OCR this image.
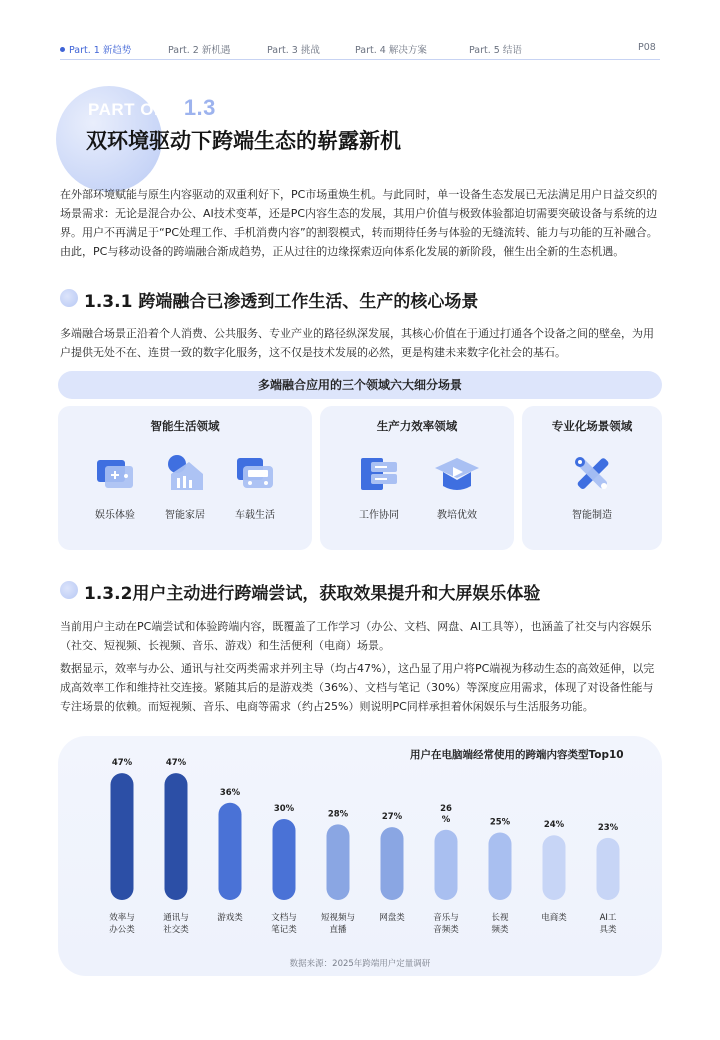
Part. 1 新趋势	Part. 2 新机遇	Part. 3 挑战	Part. 4 解决方案	Part. 5 结语	P08
PART ONE 1.3
双环境驱动下跨端生态的崭露新机
在外部环境赋能与原生内容驱动的双重利好下，PC市场重焕生机。与此同时，单一设备生态发展已无法满足用户日益交织的场景需求：无论是混合办公、AI技术变革，还是PC内容生态的发展，其用户价值与极致体验都迫切需要突破设备与系统的边界。用户不再满足于“PC处理工作、手机消费内容”的割裂模式，转而期待任务与体验的无缝流转、能力与功能的互补融合。由此，PC与移动设备的跨端融合渐成趋势，正从过往的边缘探索迈向体系化发展的新阶段，催生出全新的生态机遇。
1.3.1 跨端融合已渗透到工作生活、生产的核心场景
多端融合场景正沿着个人消费、公共服务、专业产业的路径纵深发展，其核心价值在于通过打通各个设备之间的壁垒，为用户提供无处不在、连贯一致的数字化服务，这不仅是技术发展的必然，更是构建未来数字化社会的基石。
多端融合应用的三个领域六大细分场景
智能生活领域
娱乐体验	智能家居	车载生活
生产力效率领域
工作协同	教培优效
专业化场景领域
智能制造
1.3.2用户主动进行跨端尝试，获取效果提升和大屏娱乐体验
当前用户主动在PC端尝试和体验跨端内容，既覆盖了工作学习（办公、文档、网盘、AI工具等），也涵盖了社交与内容娱乐（社交、短视频、长视频、音乐、游戏）和生活便利（电商）场景。
数据显示，效率与办公、通讯与社交两类需求并列主导（均占47%），这凸显了用户将PC端视为移动生态的高效延伸，以完成高效率工作和维持社交连接。紧随其后的是游戏类（36%）、文档与笔记（30%）等深度应用需求，体现了对设备性能与专注场景的依赖。而短视频、音乐、电商等需求（约占25%）则说明PC同样承担着休闲娱乐与生活服务功能。
用户在电脑端经常使用的跨端内容类型Top10
47%
效率与
办公类
47%
通讯与
社交类
36%
游戏类
30%
文档与
笔记类
28%
短视频与
直播
27%
网盘类
26
%
音乐与
音频类
25%
长视
频类
24%
电商类
23%
AI工
具类
数据来源：2025年跨端用户定量调研
